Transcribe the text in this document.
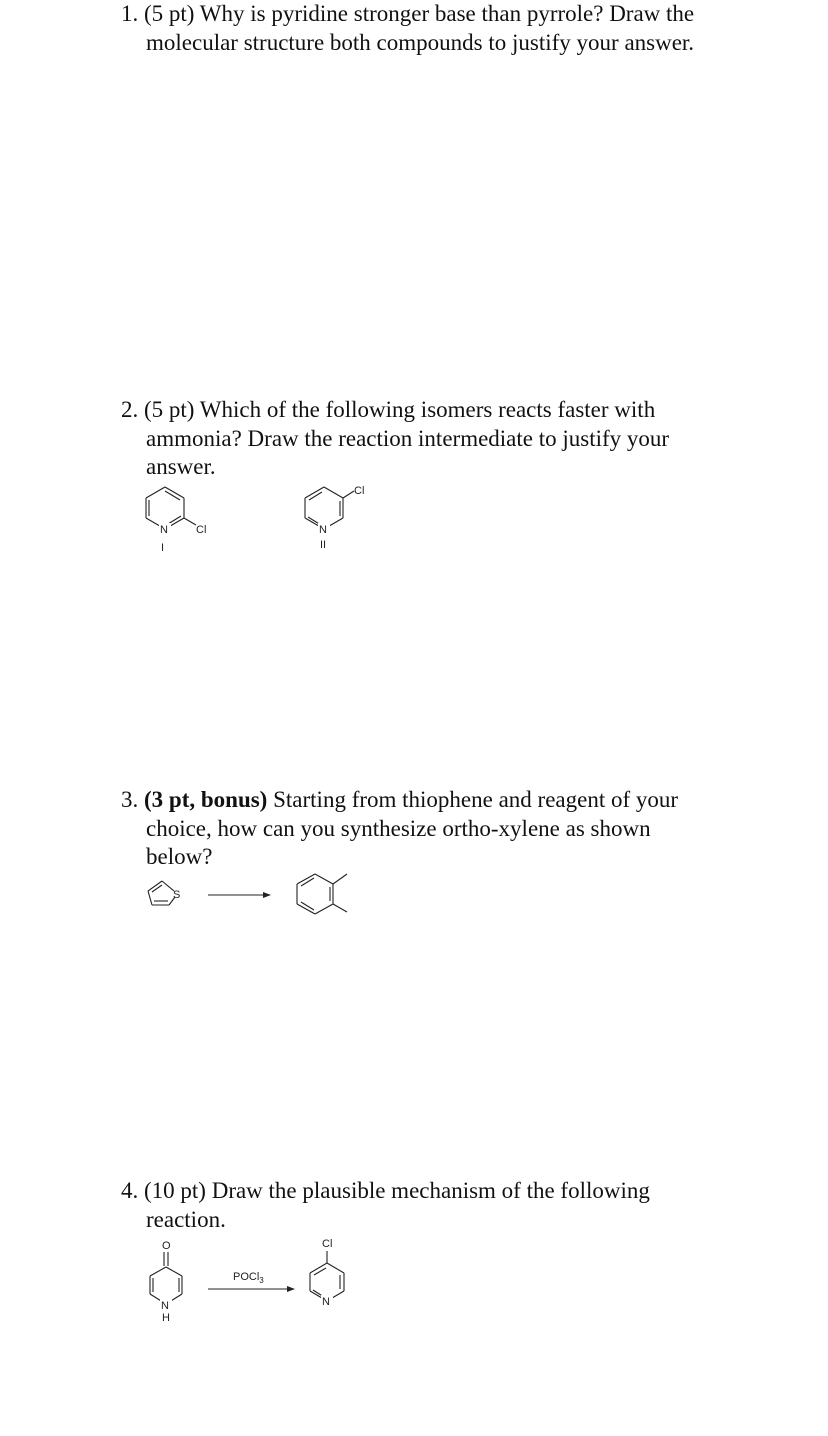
1. (5 pt) Why is pyridine stronger base than pyrrole? Draw the
molecular structure both compounds to justify your answer.
2. (5 pt) Which of the following isomers reacts faster with
ammonia? Draw the reaction intermediate to justify your
answer.
N	Cl
I
N
Cl
II
3. (3 pt, bonus) Starting from thiophene and reagent of your
choice, how can you synthesize ortho-xylene as shown
below?
S
4. (10 pt) Draw the plausible mechanism of the following
reaction.
O
N
H
POCl$_3$
Cl
N
